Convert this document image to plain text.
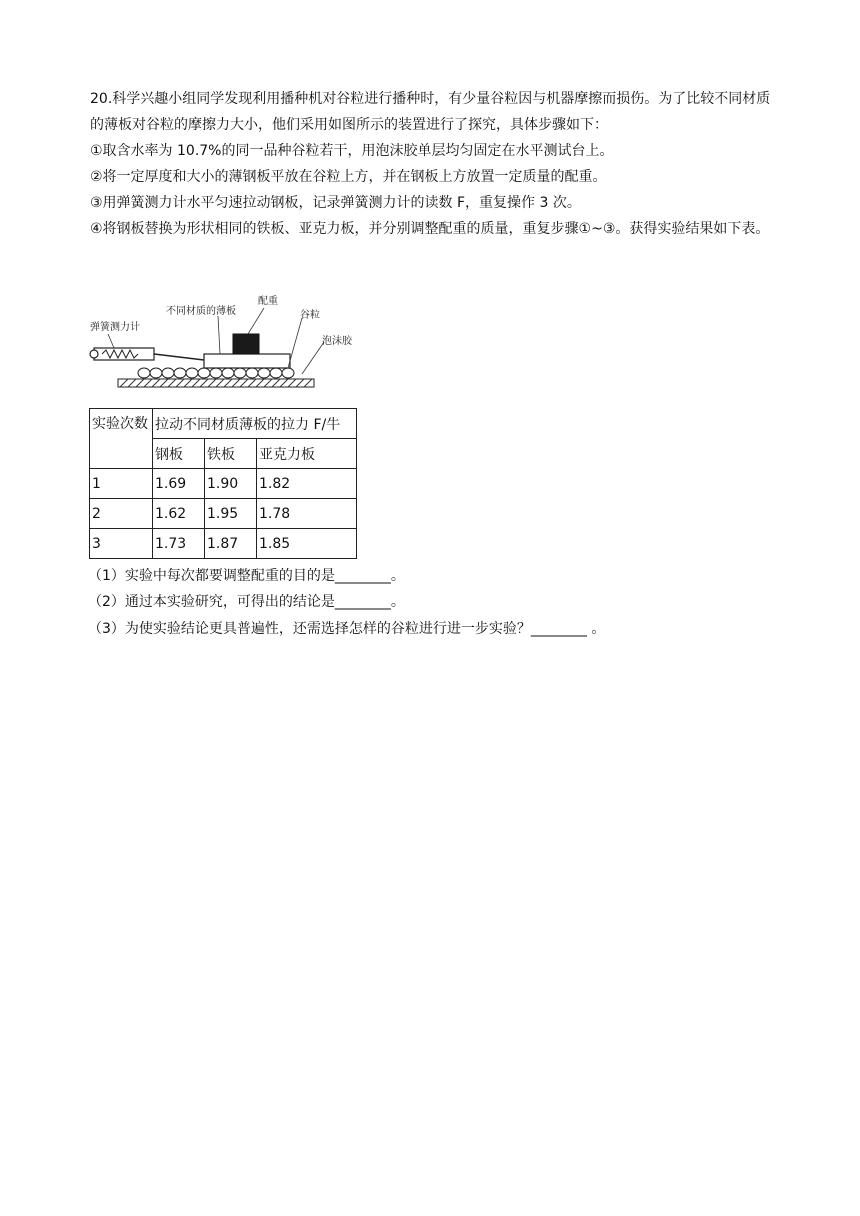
20.科学兴趣小组同学发现利用播种机对谷粒进行播种时，有少量谷粒因与机器摩擦而损伤。为了比较不同材质的薄板对谷粒的摩擦力大小，他们采用如图所示的装置进行了探究，具体步骤如下：

①取含水率为 10.7%的同一品种谷粒若干，用泡沫胶单层均匀固定在水平测试台上。

②将一定厚度和大小的薄钢板平放在谷粒上方，并在钢板上方放置一定质量的配重。

③用弹簧测力计水平匀速拉动钢板，记录弹簧测力计的读数 F，重复操作 3 次。

④将钢板替换为形状相同的铁板、亚克力板，并分别调整配重的质量，重复步骤①~③。获得实验结果如下表。

弹簧测力计
不同材质的薄板
配重
谷粒
泡沫胶
实验次数	拉动不同材质薄板的拉力 F/牛		
	钢板	铁板	亚克力板
1	1.69	1.90	1.82
2	1.62	1.95	1.78
3	1.73	1.87	1.85

（1）实验中每次都要调整配重的目的是________。

（2）通过本实验研究，可得出的结论是________。

（3）为使实验结论更具普遍性，还需选择怎样的谷粒进行进一步实验？________ 。
